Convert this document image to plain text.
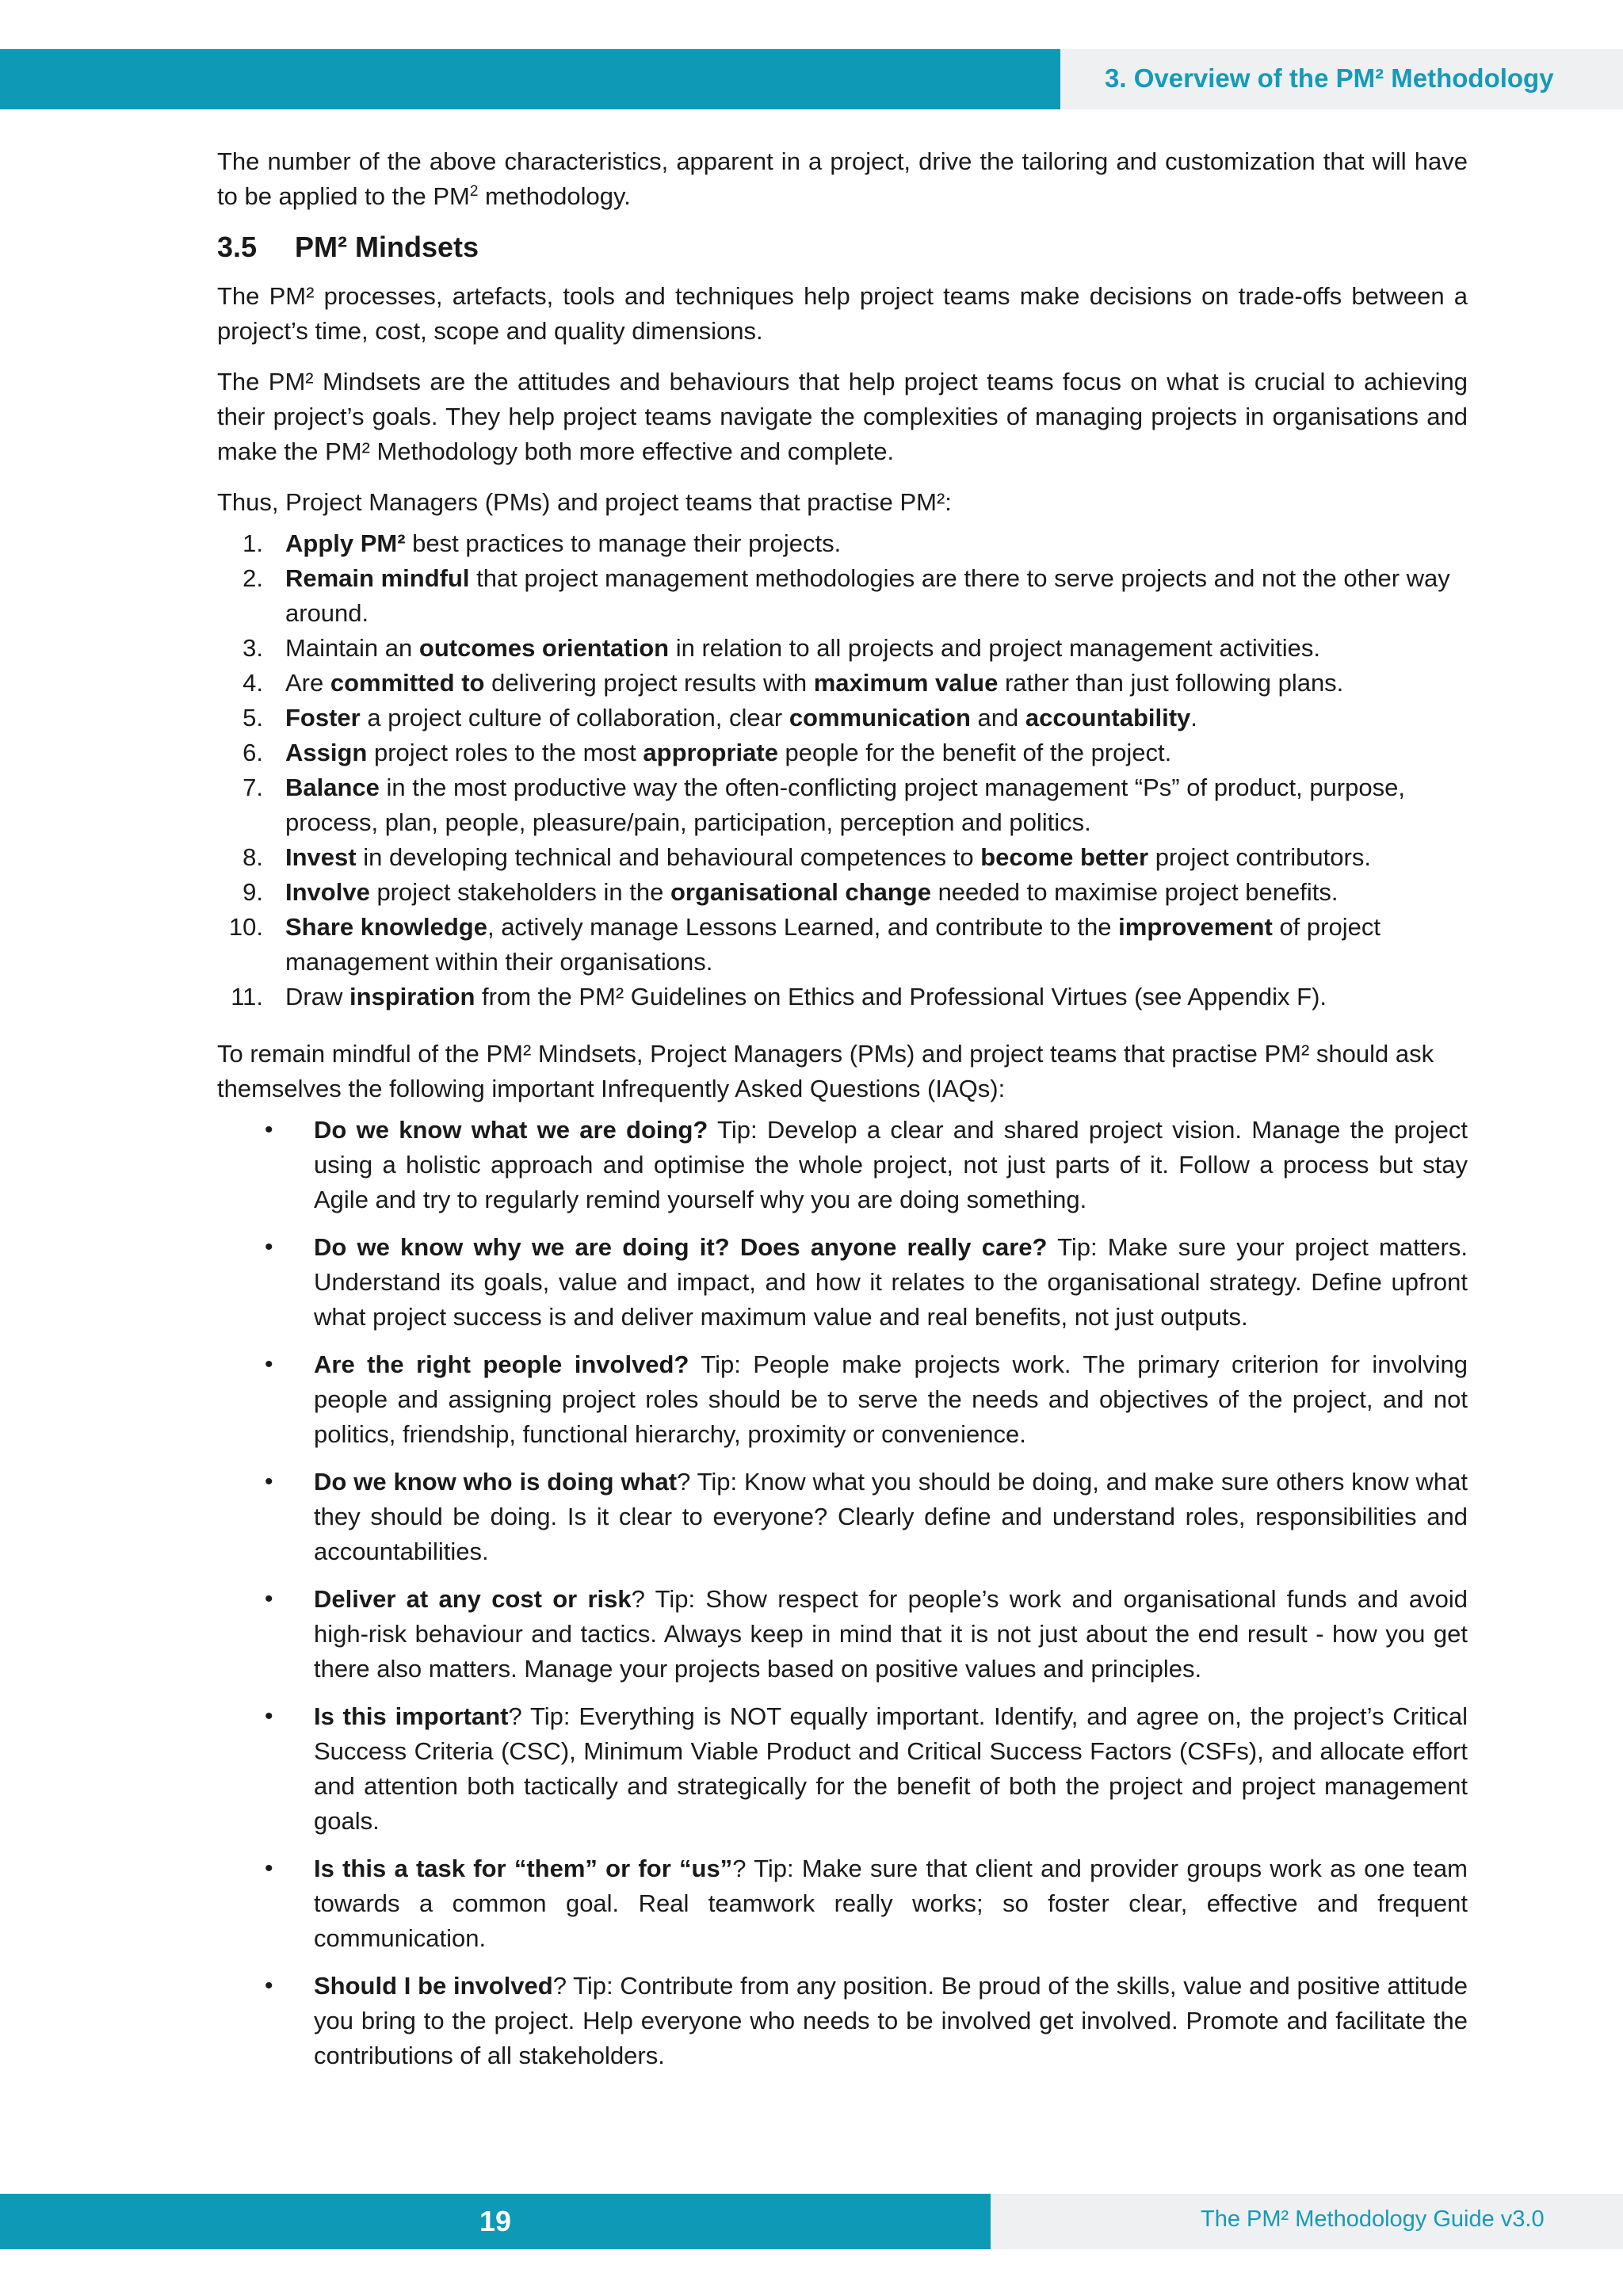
3. Overview of the PM² Methodology

The number of the above characteristics, apparent in a project, drive the tailoring and customization that will have to be applied to the $PM^2$ methodology.

3.5 PM² Mindsets

The PM² processes, artefacts, tools and techniques help project teams make decisions on trade-offs between a project’s time, cost, scope and quality dimensions.

The PM² Mindsets are the attitudes and behaviours that help project teams focus on what is crucial to achieving their project’s goals. They help project teams navigate the complexities of managing projects in organisations and make the PM² Methodology both more effective and complete.

Thus, Project Managers (PMs) and project teams that practise PM²:

1. Apply PM² best practices to manage their projects.
2. Remain mindful that project management methodologies are there to serve projects and not the other way around.
3. Maintain an outcomes orientation in relation to all projects and project management activities.
4. Are committed to delivering project results with maximum value rather than just following plans.
5. Foster a project culture of collaboration, clear communication and accountability.
6. Assign project roles to the most appropriate people for the benefit of the project.
7. Balance in the most productive way the often-conflicting project management “Ps” of product, purpose, process, plan, people, pleasure/pain, participation, perception and politics.
8. Invest in developing technical and behavioural competences to become better project contributors.
9. Involve project stakeholders in the organisational change needed to maximise project benefits.
10. Share knowledge, actively manage Lessons Learned, and contribute to the improvement of project management within their organisations.
11. Draw inspiration from the PM² Guidelines on Ethics and Professional Virtues (see Appendix F).

To remain mindful of the PM² Mindsets, Project Managers (PMs) and project teams that practise PM² should ask themselves the following important Infrequently Asked Questions (IAQs):

• Do we know what we are doing? Tip: Develop a clear and shared project vision. Manage the project using a holistic approach and optimise the whole project, not just parts of it. Follow a process but stay Agile and try to regularly remind yourself why you are doing something.
• Do we know why we are doing it? Does anyone really care? Tip: Make sure your project matters. Understand its goals, value and impact, and how it relates to the organisational strategy. Define upfront what project success is and deliver maximum value and real benefits, not just outputs.
• Are the right people involved? Tip: People make projects work. The primary criterion for involving people and assigning project roles should be to serve the needs and objectives of the project, and not politics, friendship, functional hierarchy, proximity or convenience.
• Do we know who is doing what? Tip: Know what you should be doing, and make sure others know what they should be doing. Is it clear to everyone? Clearly define and understand roles, responsibilities and accountabilities.
• Deliver at any cost or risk? Tip: Show respect for people’s work and organisational funds and avoid high-risk behaviour and tactics. Always keep in mind that it is not just about the end result - how you get there also matters. Manage your projects based on positive values and principles.
• Is this important? Tip: Everything is NOT equally important. Identify, and agree on, the project’s Critical Success Criteria (CSC), Minimum Viable Product and Critical Success Factors (CSFs), and allocate effort and attention both tactically and strategically for the benefit of both the project and project management goals.
• Is this a task for “them” or for “us”? Tip: Make sure that client and provider groups work as one team towards a common goal. Real teamwork really works; so foster clear, effective and frequent communication.
• Should I be involved? Tip: Contribute from any position. Be proud of the skills, value and positive attitude you bring to the project. Help everyone who needs to be involved get involved. Promote and facilitate the contributions of all stakeholders.
19	The PM² Methodology Guide v3.0
